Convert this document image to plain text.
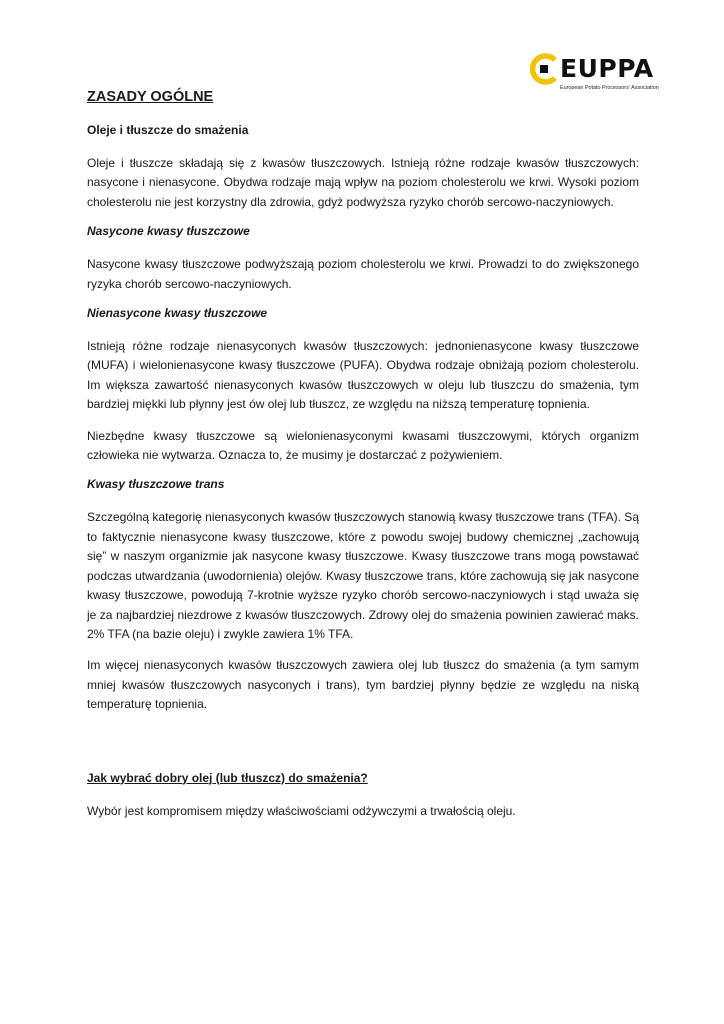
EUPPA
European Potato Processors' Association
ZASADY OGÓLNE
Oleje i tłuszcze do smażenia

Oleje i tłuszcze składają się z kwasów tłuszczowych. Istnieją różne rodzaje kwasów tłuszczowych: nasycone i nienasycone. Obydwa rodzaje mają wpływ na poziom cholesterolu we krwi. Wysoki poziom cholesterolu nie jest korzystny dla zdrowia, gdyż podwyższa ryzyko chorób sercowo-naczyniowych.

Nasycone kwasy tłuszczowe

Nasycone kwasy tłuszczowe podwyższają poziom cholesterolu we krwi. Prowadzi to do zwiększonego ryzyka chorób sercowo-naczyniowych.

Nienasycone kwasy tłuszczowe

Istnieją różne rodzaje nienasyconych kwasów tłuszczowych: jednonienasycone kwasy tłuszczowe (MUFA) i wielonienasycone kwasy tłuszczowe (PUFA). Obydwa rodzaje obniżają poziom cholesterolu. Im większa zawartość nienasyconych kwasów tłuszczowych w oleju lub tłuszczu do smażenia, tym bardziej miękki lub płynny jest ów olej lub tłuszcz, ze względu na niższą temperaturę topnienia.

Niezbędne kwasy tłuszczowe są wielonienasyconymi kwasami tłuszczowymi, których organizm człowieka nie wytwarza. Oznacza to, że musimy je dostarczać z pożywieniem.

Kwasy tłuszczowe trans

Szczególną kategorię nienasyconych kwasów tłuszczowych stanowią kwasy tłuszczowe trans (TFA). Są to faktycznie nienasycone kwasy tłuszczowe, które z powodu swojej budowy chemicznej „zachowują się” w naszym organizmie jak nasycone kwasy tłuszczowe. Kwasy tłuszczowe trans mogą powstawać podczas utwardzania (uwodornienia) olejów. Kwasy tłuszczowe trans, które zachowują się jak nasycone kwasy tłuszczowe, powodują 7-krotnie wyższe ryzyko chorób sercowo-naczyniowych i stąd uważa się je za najbardziej niezdrowe z kwasów tłuszczowych. Zdrowy olej do smażenia powinien zawierać maks. 2% TFA (na bazie oleju) i zwykle zawiera 1% TFA.

Im więcej nienasyconych kwasów tłuszczowych zawiera olej lub tłuszcz do smażenia (a tym samym mniej kwasów tłuszczowych nasyconych i trans), tym bardziej płynny będzie ze względu na niską temperaturę topnienia.

Jak wybrać dobry olej (lub tłuszcz) do smażenia?

Wybór jest kompromisem między właściwościami odżywczymi a trwałością oleju.
